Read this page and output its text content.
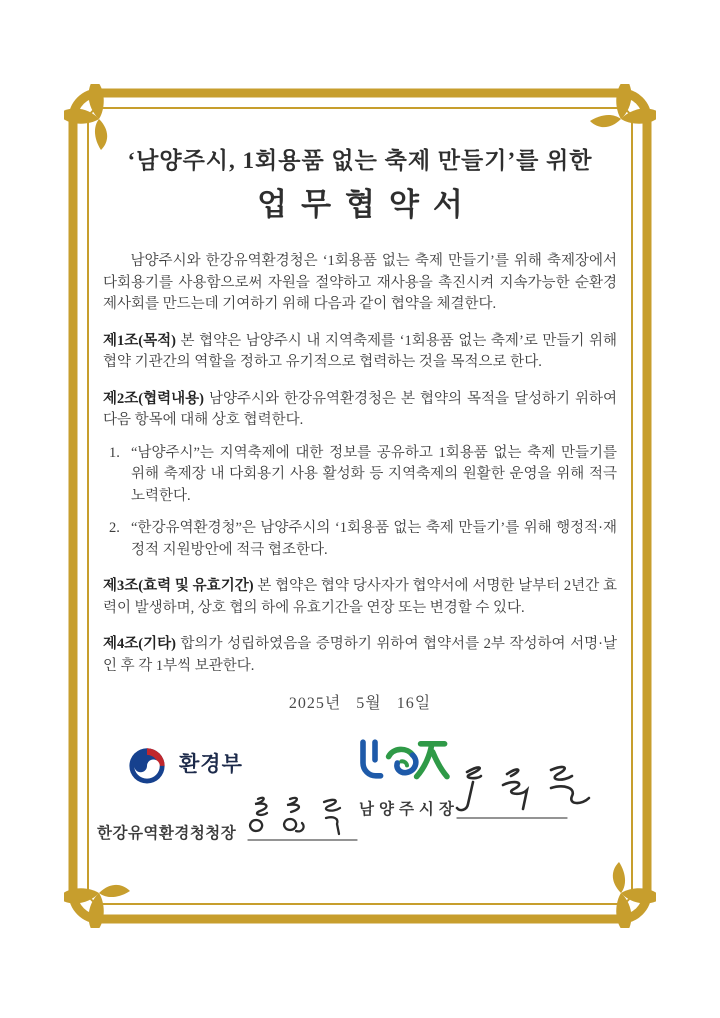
‘남양주시, 1회용품 없는 축제 만들기’를 위한
업무협약서

남양주시와 한강유역환경청은 ‘1회용품 없는 축제 만들기’를 위해 축제장에서 다회용기를 사용함으로써 자원을 절약하고 재사용을 촉진시켜 지속가능한 순환경제사회를 만드는데 기여하기 위해 다음과 같이 협약을 체결한다.

제1조(목적) 본 협약은 남양주시 내 지역축제를 ‘1회용품 없는 축제’로 만들기 위해 협약 기관간의 역할을 정하고 유기적으로 협력하는 것을 목적으로 한다.

제2조(협력내용) 남양주시와 한강유역환경청은 본 협약의 목적을 달성하기 위하여 다음 항목에 대해 상호 협력한다.

1. “남양주시”는 지역축제에 대한 정보를 공유하고 1회용품 없는 축제 만들기를 위해 축제장 내 다회용기 사용 활성화 등 지역축제의 원활한 운영을 위해 적극 노력한다.
2. “한강유역환경청”은 남양주시의 ‘1회용품 없는 축제 만들기’를 위해 행정적·재정적 지원방안에 적극 협조한다.

제3조(효력 및 유효기간) 본 협약은 협약 당사자가 협약서에 서명한 날부터 2년간 효력이 발생하며, 상호 협의 하에 유효기간을 연장 또는 변경할 수 있다.

제4조(기타) 합의가 성립하였음을 증명하기 위하여 협약서를 2부 작성하여 서명·날인 후 각 1부씩 보관한다.

2025년   5월   16일

환경부
한강유역환경청청장
남양주시장
